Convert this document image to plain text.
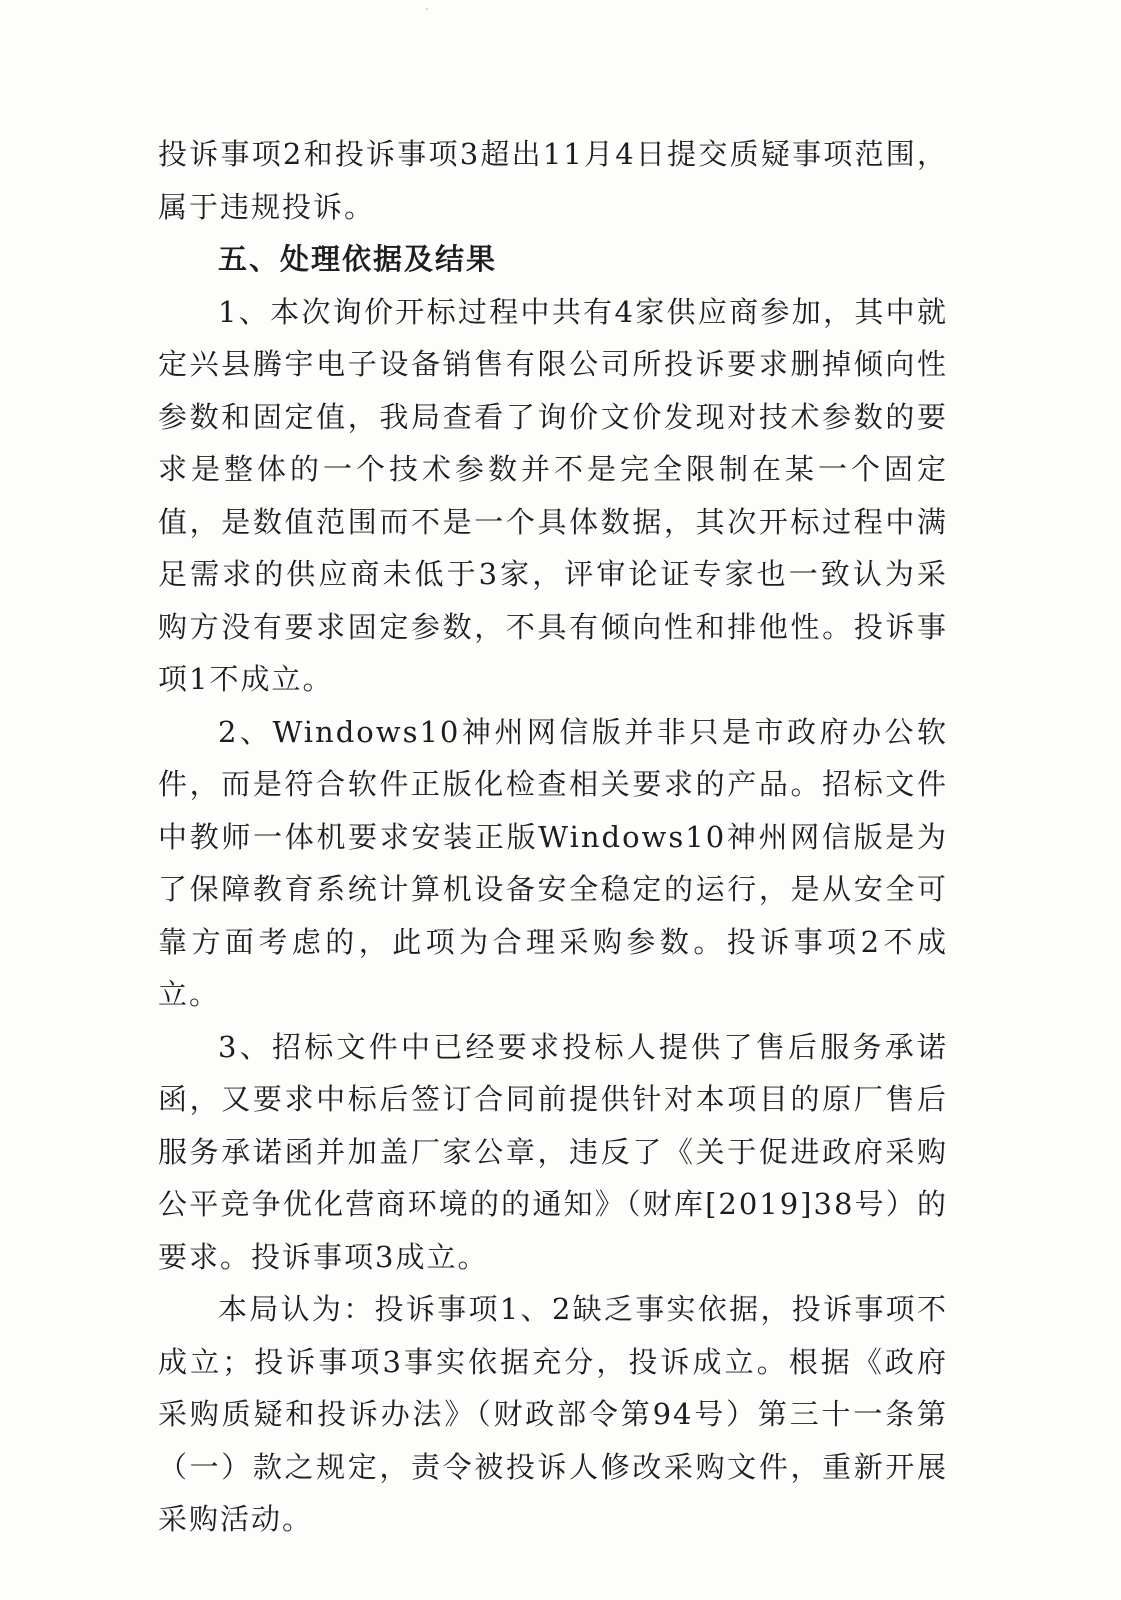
投诉事项2和投诉事项3超出11月4日提交质疑事项范围，属于违规投诉。

五、处理依据及结果

1、本次询价开标过程中共有4家供应商参加，其中就定兴县腾宇电子设备销售有限公司所投诉要求删掉倾向性参数和固定值，我局查看了询价文价发现对技术参数的要求是整体的一个技术参数并不是完全限制在某一个固定值，是数值范围而不是一个具体数据，其次开标过程中满足需求的供应商未低于3家，评审论证专家也一致认为采购方没有要求固定参数，不具有倾向性和排他性。投诉事项1不成立。

2、Windows10神州网信版并非只是市政府办公软件，而是符合软件正版化检查相关要求的产品。招标文件中教师一体机要求安装正版Windows10神州网信版是为了保障教育系统计算机设备安全稳定的运行，是从安全可靠方面考虑的，此项为合理采购参数。投诉事项2不成立。

3、招标文件中已经要求投标人提供了售后服务承诺函，又要求中标后签订合同前提供针对本项目的原厂售后服务承诺函并加盖厂家公章，违反了《关于促进政府采购公平竞争优化营商环境的的通知》（财库[2019]38号）的要求。投诉事项3成立。

本局认为：投诉事项1、2缺乏事实依据，投诉事项不成立；投诉事项3事实依据充分，投诉成立。根据《政府采购质疑和投诉办法》（财政部令第94号）第三十一条第（一）款之规定，责令被投诉人修改采购文件，重新开展采购活动。
